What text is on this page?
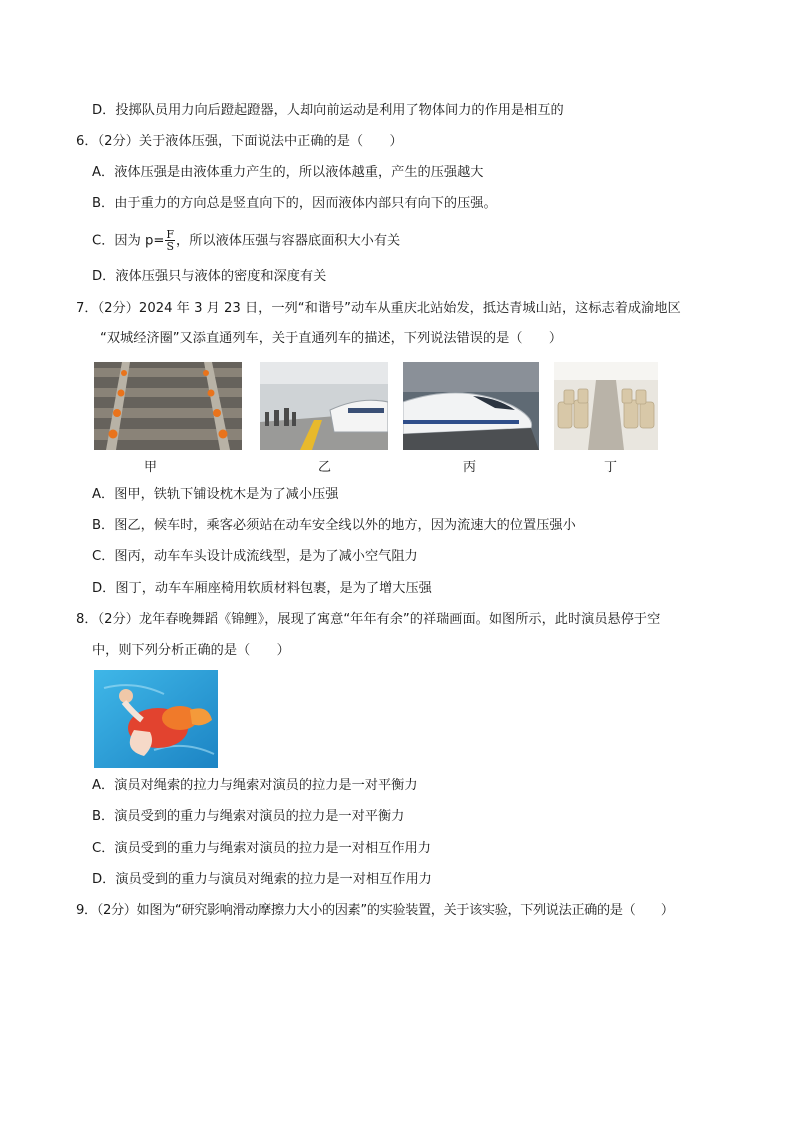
D．投掷队员用力向后蹬起蹬器，人却向前运动是利用了物体间力的作用是相互的
6．（2分）关于液体压强，下面说法中正确的是（　　）
A．液体压强是由液体重力产生的，所以液体越重，产生的压强越大
B．由于重力的方向总是竖直向下的，因而液体内部只有向下的压强。
C．因为 $p= \frac{F}{S}$ ，所以液体压强与容器底面积大小有关
D．液体压强只与液体的密度和深度有关
7．（2分）2024 年 3 月 23 日，一列“和谐号”动车从重庆北站始发，抵达青城山站，这标志着成渝地区
“双城经济圈”又添直通列车，关于直通列车的描述，下列说法错误的是（　　）
甲	乙	丙	丁
A．图甲，铁轨下铺设枕木是为了减小压强
B．图乙，候车时，乘客必须站在动车安全线以外的地方，因为流速大的位置压强小
C．图丙，动车车头设计成流线型，是为了减小空气阻力
D．图丁，动车车厢座椅用软质材料包裹，是为了增大压强
8．（2分）龙年春晚舞蹈《锦鲤》，展现了寓意“年年有余”的祥瑞画面。如图所示，此时演员悬停于空
中，则下列分析正确的是（　　）
A．演员对绳索的拉力与绳索对演员的拉力是一对平衡力
B．演员受到的重力与绳索对演员的拉力是一对平衡力
C．演员受到的重力与绳索对演员的拉力是一对相互作用力
D．演员受到的重力与演员对绳索的拉力是一对相互作用力
9．（2分）如图为“研究影响滑动摩擦力大小的因素”的实验装置，关于该实验，下列说法正确的是（　　）
